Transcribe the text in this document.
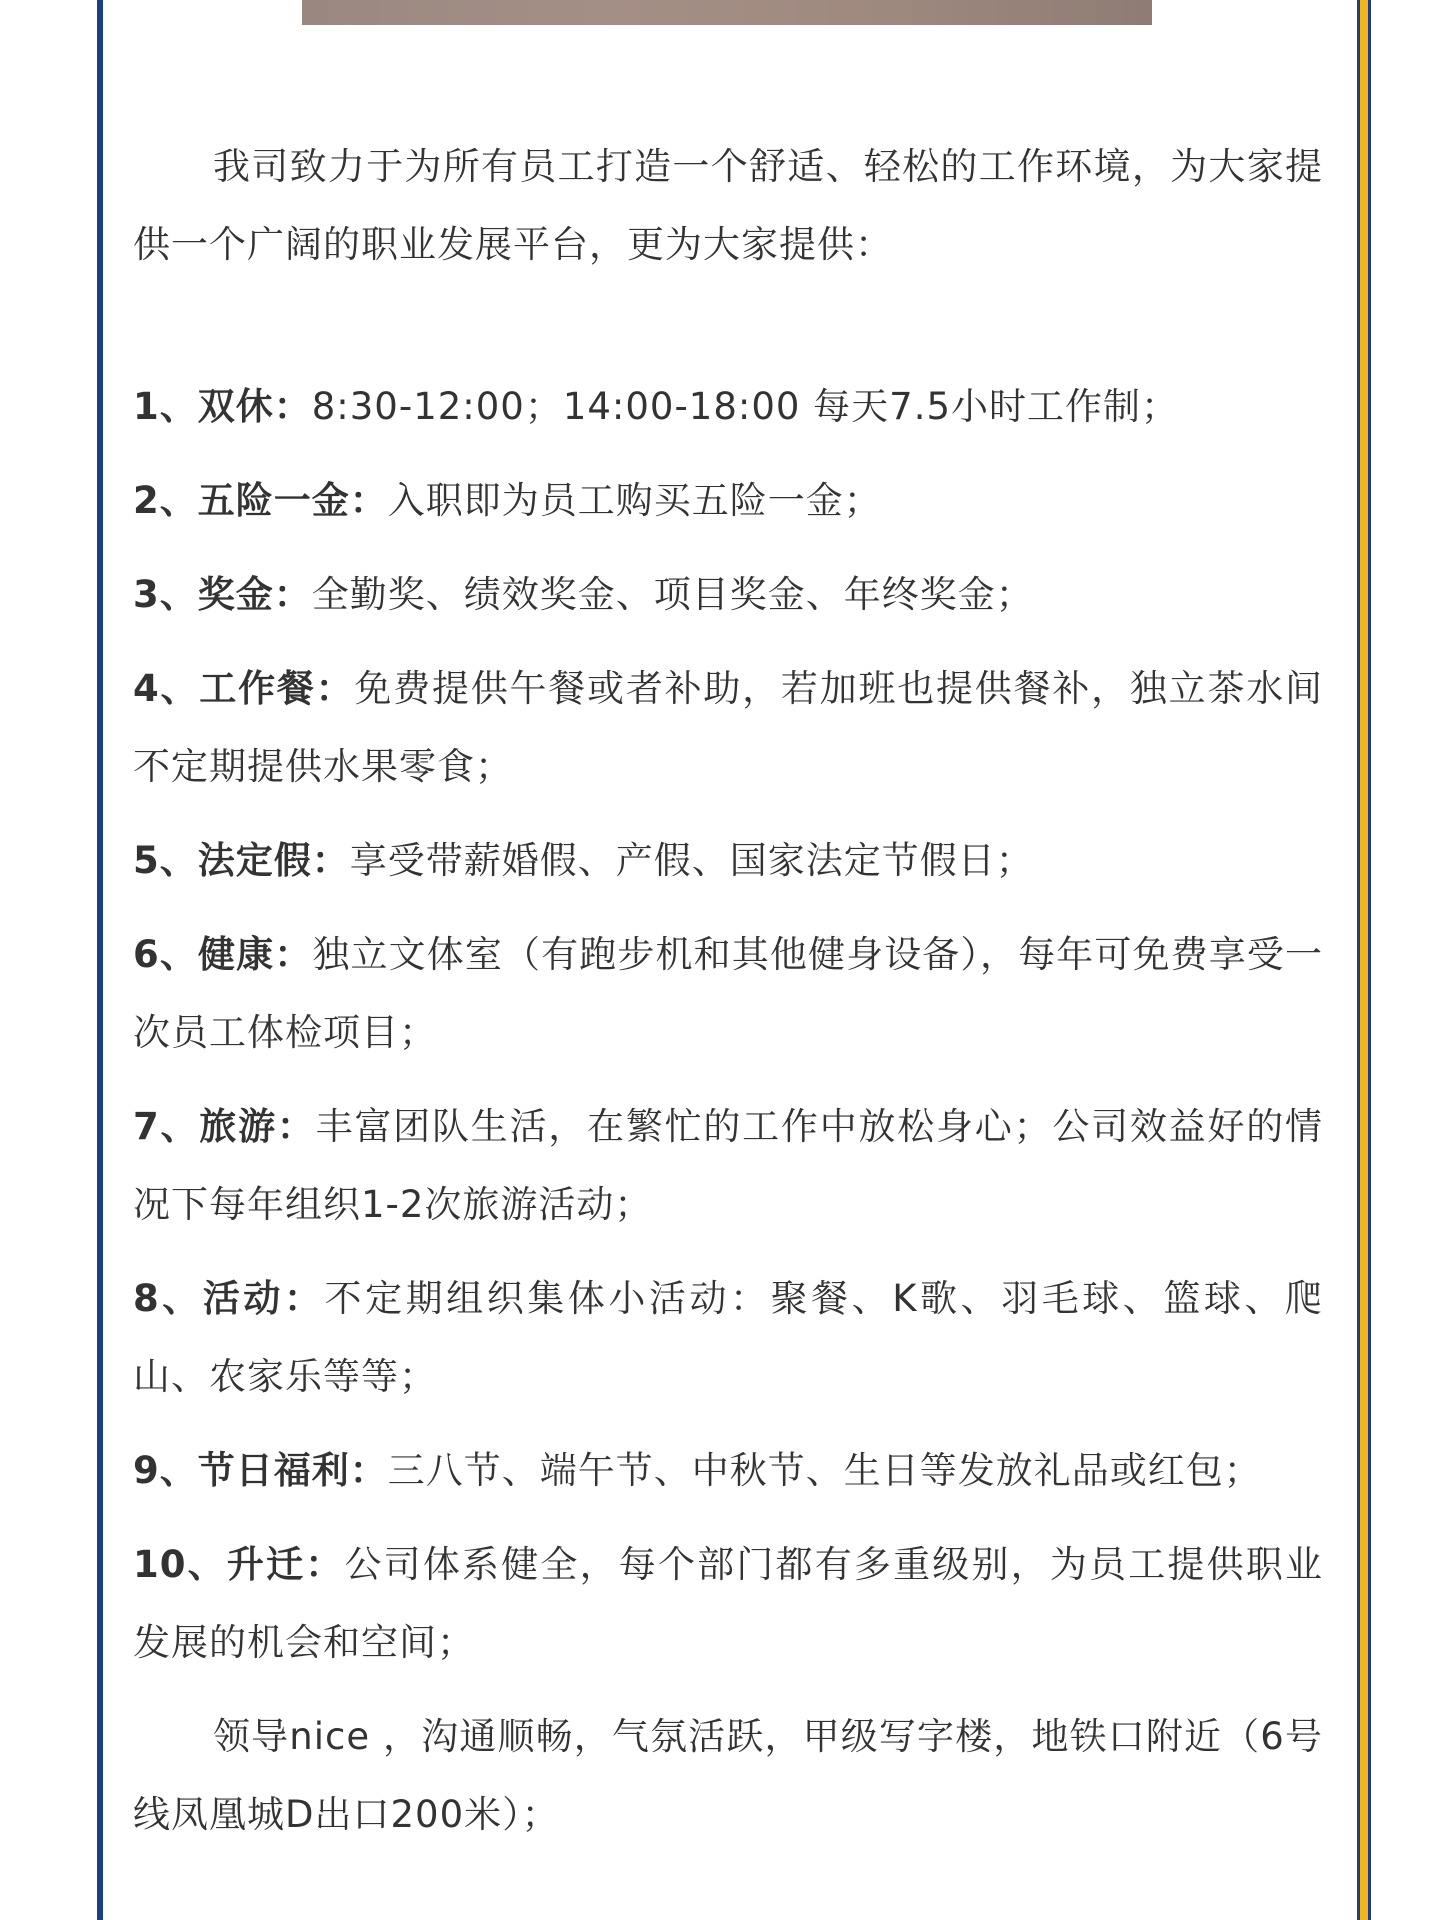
我司致力于为所有员工打造一个舒适、轻松的工作环境，为大家提供一个广阔的职业发展平台，更为大家提供：

1、双休：8:30-12:00；14:00-18:00 每天7.5小时工作制；

2、五险一金：入职即为员工购买五险一金；

3、奖金：全勤奖、绩效奖金、项目奖金、年终奖金；

4、工作餐：免费提供午餐或者补助，若加班也提供餐补，独立茶水间不定期提供水果零食；

5、法定假：享受带薪婚假、产假、国家法定节假日；

6、健康：独立文体室（有跑步机和其他健身设备），每年可免费享受一次员工体检项目；

7、旅游：丰富团队生活，在繁忙的工作中放松身心；公司效益好的情况下每年组织1-2次旅游活动；

8、活动：不定期组织集体小活动：聚餐、K歌、羽毛球、篮球、爬山、农家乐等等；

9、节日福利：三八节、端午节、中秋节、生日等发放礼品或红包；

10、升迁：公司体系健全，每个部门都有多重级别，为员工提供职业发展的机会和空间；

领导nice ，沟通顺畅，气氛活跃，甲级写字楼，地铁口附近（6号线凤凰城D出口200米）；
